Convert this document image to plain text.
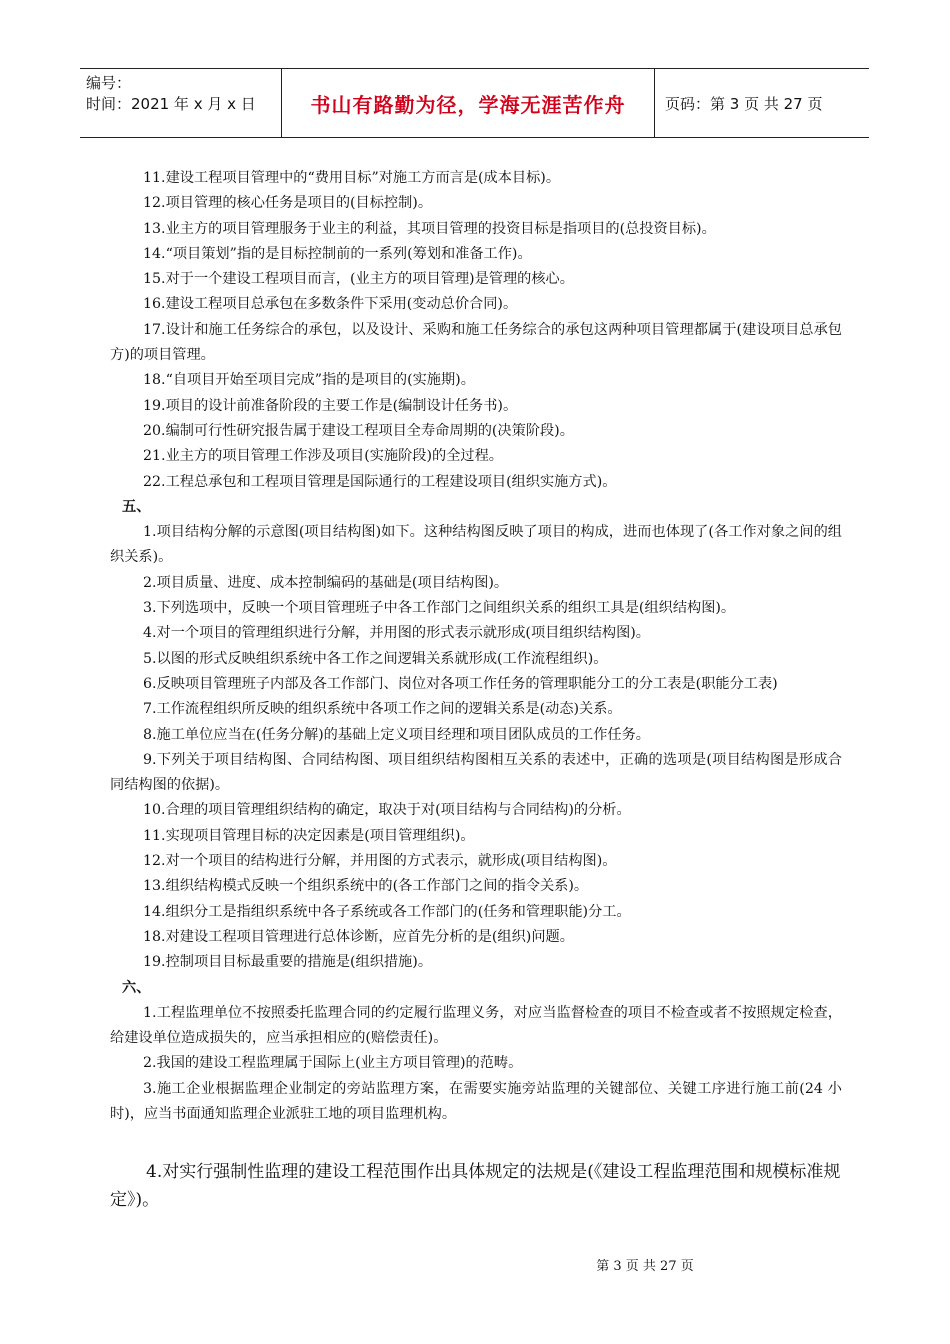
编号：
时间：2021 年 x 月 x 日	书山有路勤为径，学海无涯苦作舟	页码：第 3 页 共 27 页

11.建设工程项目管理中的“费用目标”对施工方而言是(成本目标)。

12.项目管理的核心任务是项目的(目标控制)。

13.业主方的项目管理服务于业主的利益，其项目管理的投资目标是指项目的(总投资目标)。

14.“项目策划”指的是目标控制前的一系列(筹划和准备工作)。

15.对于一个建设工程项目而言，(业主方的项目管理)是管理的核心。

16.建设工程项目总承包在多数条件下采用(变动总价合同)。

17.设计和施工任务综合的承包，以及设计、采购和施工任务综合的承包这两种项目管理都属于(建设项目总承包方)的项目管理。

18.“自项目开始至项目完成”指的是项目的(实施期)。

19.项目的设计前准备阶段的主要工作是(编制设计任务书)。

20.编制可行性研究报告属于建设工程项目全寿命周期的(决策阶段)。

21.业主方的项目管理工作涉及项目(实施阶段)的全过程。

22.工程总承包和工程项目管理是国际通行的工程建设项目(组织实施方式)。

五、

1.项目结构分解的示意图(项目结构图)如下。这种结构图反映了项目的构成，进而也体现了(各工作对象之间的组织关系)。

2.项目质量、进度、成本控制编码的基础是(项目结构图)。

3.下列选项中，反映一个项目管理班子中各工作部门之间组织关系的组织工具是(组织结构图)。

4.对一个项目的管理组织进行分解，并用图的形式表示就形成(项目组织结构图)。

5.以图的形式反映组织系统中各工作之间逻辑关系就形成(工作流程组织)。

6.反映项目管理班子内部及各工作部门、岗位对各项工作任务的管理职能分工的分工表是(职能分工表)

7.工作流程组织所反映的组织系统中各项工作之间的逻辑关系是(动态)关系。

8.施工单位应当在(任务分解)的基础上定义项目经理和项目团队成员的工作任务。

9.下列关于项目结构图、合同结构图、项目组织结构图相互关系的表述中，正确的选项是(项目结构图是形成合同结构图的依据)。

10.合理的项目管理组织结构的确定，取决于对(项目结构与合同结构)的分析。

11.实现项目管理目标的决定因素是(项目管理组织)。

12.对一个项目的结构进行分解，并用图的方式表示，就形成(项目结构图)。

13.组织结构模式反映一个组织系统中的(各工作部门之间的指令关系)。

14.组织分工是指组织系统中各子系统或各工作部门的(任务和管理职能)分工。

18.对建设工程项目管理进行总体诊断，应首先分析的是(组织)问题。

19.控制项目目标最重要的措施是(组织措施)。

六、

1.工程监理单位不按照委托监理合同的约定履行监理义务，对应当监督检查的项目不检查或者不按照规定检查，给建设单位造成损失的，应当承担相应的(赔偿责任)。

2.我国的建设工程监理属于国际上(业主方项目管理)的范畴。

3.施工企业根据监理企业制定的旁站监理方案，在需要实施旁站监理的关键部位、关键工序进行施工前(24 小时)，应当书面通知监理企业派驻工地的项目监理机构。

4.对实行强制性监理的建设工程范围作出具体规定的法规是(《建设工程监理范围和规模标准规定》)。

第 3 页 共 27 页
